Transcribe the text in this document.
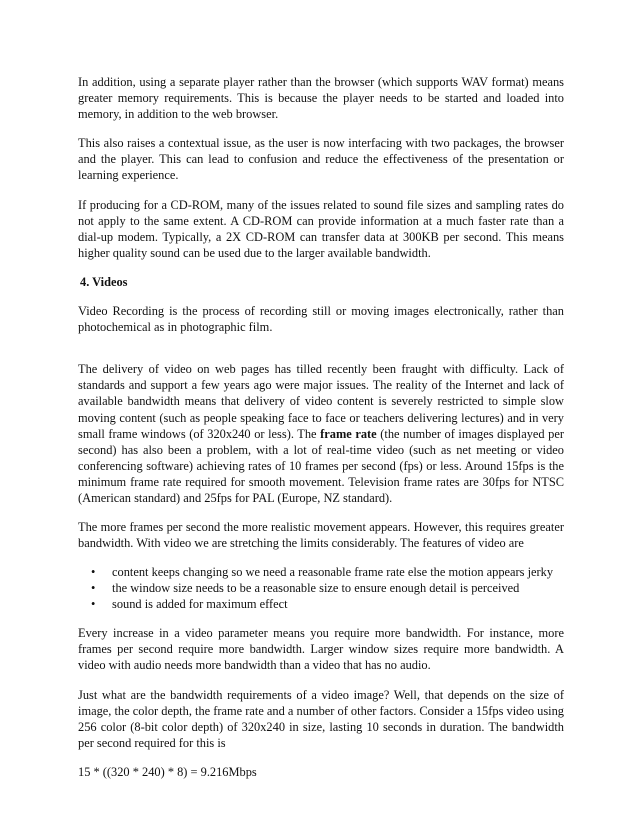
In addition, using a separate player rather than the browser (which supports WAV format) means greater memory requirements. This is because the player needs to be started and loaded into memory, in addition to the web browser.

This also raises a contextual issue, as the user is now interfacing with two packages, the browser and the player. This can lead to confusion and reduce the effectiveness of the presentation or learning experience.

If producing for a CD-ROM, many of the issues related to sound file sizes and sampling rates do not apply to the same extent. A CD-ROM can provide information at a much faster rate than a dial-up modem. Typically, a 2X CD-ROM can transfer data at 300KB per second. This means higher quality sound can be used due to the larger available bandwidth.

4. Videos

Video Recording is the process of recording still or moving images electronically, rather than photochemical as in photographic film.

The delivery of video on web pages has tilled recently been fraught with difficulty. Lack of standards and support a few years ago were major issues. The reality of the Internet and lack of available bandwidth means that delivery of video content is severely restricted to simple slow moving content (such as people speaking face to face or teachers delivering lectures) and in very small frame windows (of 320x240 or less). The frame rate (the number of images displayed per second) has also been a problem, with a lot of real-time video (such as net meeting or video conferencing software) achieving rates of 10 frames per second (fps) or less. Around 15fps is the minimum frame rate required for smooth movement. Television frame rates are 30fps for NTSC (American standard) and 25fps for PAL (Europe, NZ standard).

The more frames per second the more realistic movement appears. However, this requires greater bandwidth. With video we are stretching the limits considerably. The features of video are

• content keeps changing so we need a reasonable frame rate else the motion appears jerky
• the window size needs to be a reasonable size to ensure enough detail is perceived
• sound is added for maximum effect

Every increase in a video parameter means you require more bandwidth. For instance, more frames per second require more bandwidth. Larger window sizes require more bandwidth. A video with audio needs more bandwidth than a video that has no audio.

Just what are the bandwidth requirements of a video image? Well, that depends on the size of image, the color depth, the frame rate and a number of other factors. Consider a 15fps video using 256 color (8-bit color depth) of 320x240 in size, lasting 10 seconds in duration. The bandwidth per second required for this is

15 * ((320 * 240) * 8) = 9.216Mbps
